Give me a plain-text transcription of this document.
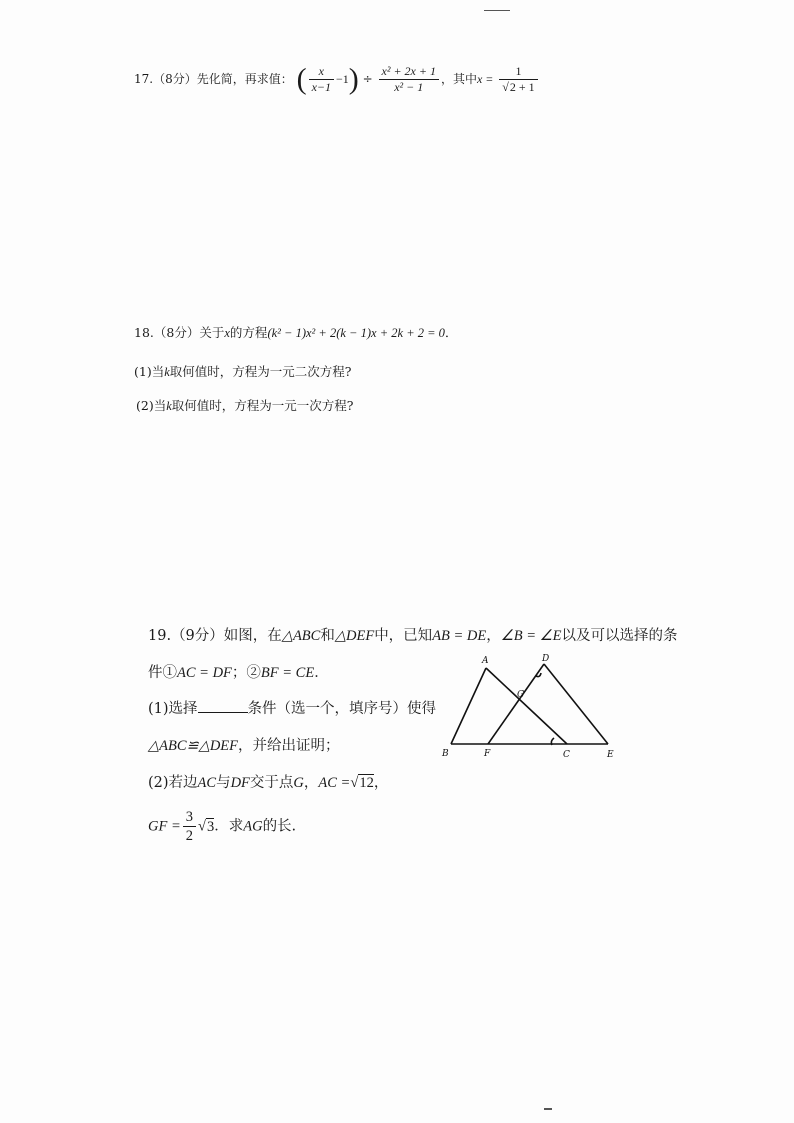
17.（8分）先化简，再求值： ( $\frac{x}{x-1} -1) \div \frac{\text{x² + 2x + 1}}{\text{x² − 1}}$ ，其中$x = \frac{1}{√2 + 1}$
18.（8分）关于x的方程(k² − 1)x² + 2(k − 1)x + 2k + 2 = 0．
(1)当k取何值时，方程为一元二次方程?
(2)当k取何值时，方程为一元一次方程?
19.（9分）如图，在△ABC和△DEF中，已知AB = DE，∠B = ∠E以及可以选择的条
件①AC = DF；②BF = CE．
(1)选择	条件（选一个，填序号）使得
△ABC≌△DEF，并给出证明；
(2)若边AC与DF交于点G，AC =√12，
GF = $\frac{3}{2} √3$．求AG的长.
A	D
G
B	F	C	E
